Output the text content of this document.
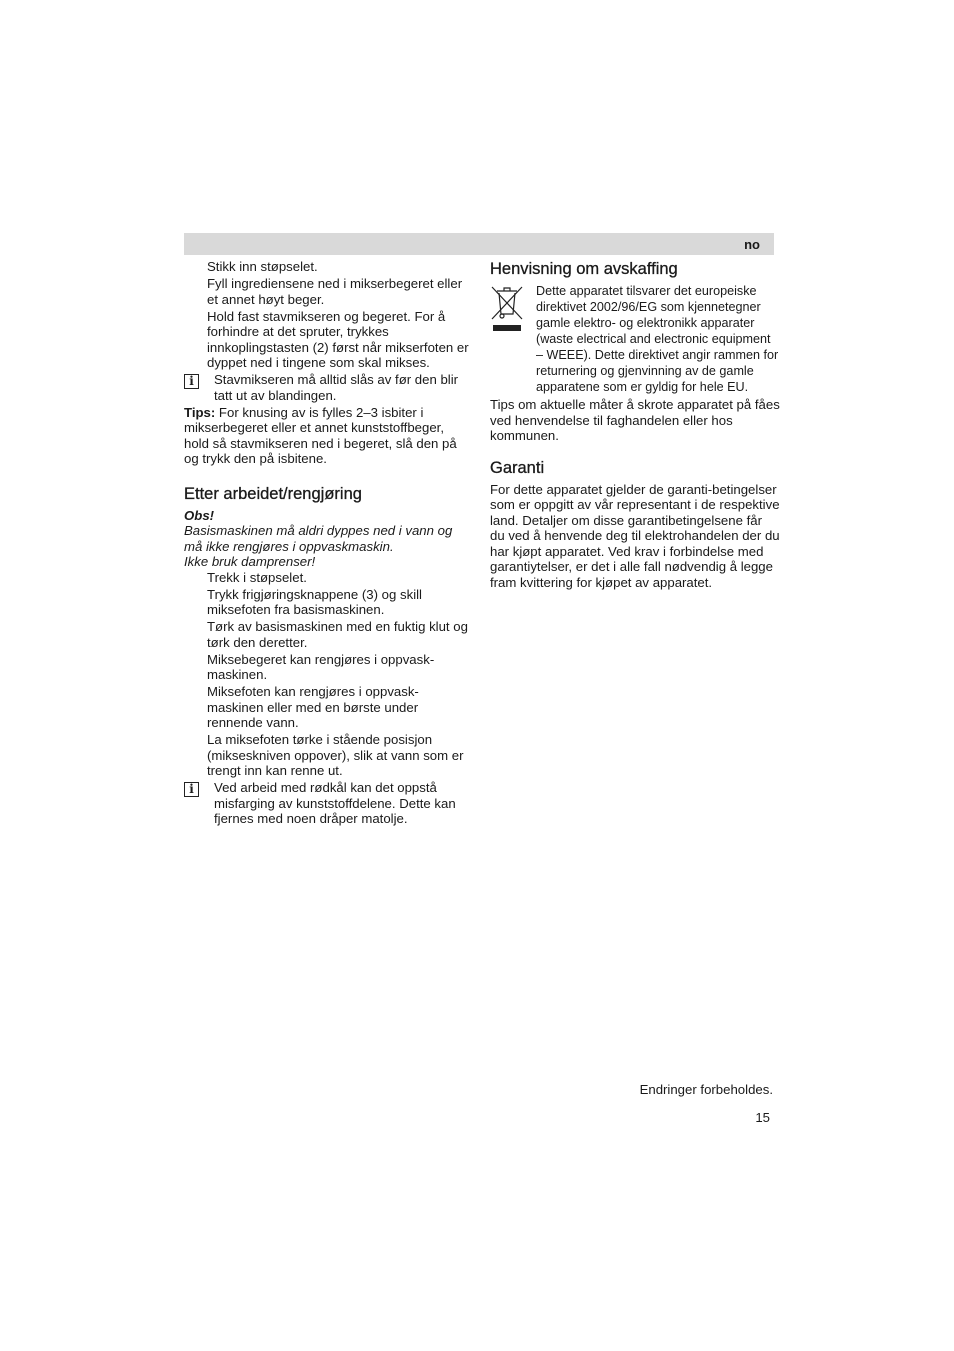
no

Stikk inn støpselet.

Fyll ingrediensene ned i mikserbegeret eller et annet høyt beger.

Hold fast stavmikseren og begeret. For å forhindre at det spruter, trykkes innkoplingstasten (2) først når mikserfoten er dyppet ned i tingene som skal mikses.

i	Stavmikseren må alltid slås av før den blir tatt ut av blandingen.

Tips: For knusing av is fylles 2–3 isbiter i mikserbegeret eller et annet kunststoffbeger, hold så stavmikseren ned i begeret, slå den på og trykk den på isbitene.

Etter arbeidet/rengjøring

Obs!

Basismaskinen må aldri dyppes ned i vann og må ikke rengjøres i oppvaskmaskin.

Ikke bruk damprenser!

Trekk i støpselet.

Trykk frigjøringsknappene (3) og skill miksefoten fra basismaskinen.

Tørk av basismaskinen med en fuktig klut og tørk den deretter.

Miksebegeret kan rengjøres i oppvask-maskinen.

Miksefoten kan rengjøres i oppvask-maskinen eller med en børste under rennende vann.

La miksefoten tørke i stående posisjon (mikseskniven oppover), slik at vann som er trengt inn kan renne ut.

i	Ved arbeid med rødkål kan det oppstå misfarging av kunststoffdelene. Dette kan fjernes med noen dråper matolje.
Henvisning om avskaffing
Dette apparatet tilsvarer det europeiske direktivet 2002/96/EG som kjennetegner gamle elektro- og elektronikk apparater (waste electrical and electronic equipment – WEEE). Dette direktivet angir rammen for returnering og gjenvinning av de gamle apparatene som er gyldig for hele EU.

Tips om aktuelle måter å skrote apparatet på fåes ved henvendelse til faghandelen eller hos kommunen.

Garanti

For dette apparatet gjelder de garanti-betingelser som er oppgitt av vår representant i de respektive land. Detaljer om disse garantibetingelsene får du ved å henvende deg til elektrohandelen der du har kjøpt apparatet. Ved krav i forbindelse med garantiytelser, er det i alle fall nødvendig å legge fram kvittering for kjøpet av apparatet.

Endringer forbeholdes.
15
